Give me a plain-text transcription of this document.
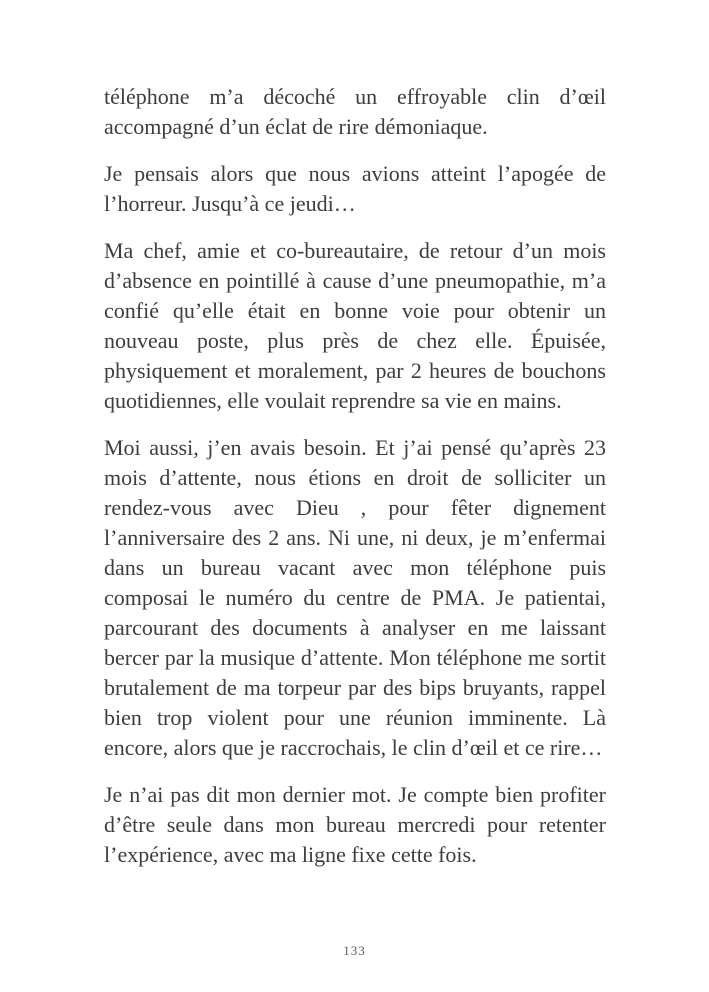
téléphone m’a décoché un effroyable clin d’œil accompagné d’un éclat de rire démoniaque.

Je pensais alors que nous avions atteint l’apogée de l’horreur. Jusqu’à ce jeudi…

Ma chef, amie et co-bureautaire, de retour d’un mois d’absence en pointillé à cause d’une pneumopathie, m’a confié qu’elle était en bonne voie pour obtenir un nouveau poste, plus près de chez elle. Épuisée, physiquement et moralement, par 2 heures de bouchons quotidiennes, elle voulait reprendre sa vie en mains.

Moi aussi, j’en avais besoin. Et j’ai pensé qu’après 23 mois d’attente, nous étions en droit de solliciter un rendez-vous avec Dieu , pour fêter dignement l’anniversaire des 2 ans. Ni une, ni deux, je m’enfermai dans un bureau vacant avec mon téléphone puis composai le numéro du centre de PMA. Je patientai, parcourant des documents à analyser en me laissant bercer par la musique d’attente. Mon téléphone me sortit brutalement de ma torpeur par des bips bruyants, rappel bien trop violent pour une réunion imminente. Là encore, alors que je raccrochais, le clin d’œil et ce rire…

Je n’ai pas dit mon dernier mot. Je compte bien profiter d’être seule dans mon bureau mercredi pour retenter l’expérience, avec ma ligne fixe cette fois.

133
